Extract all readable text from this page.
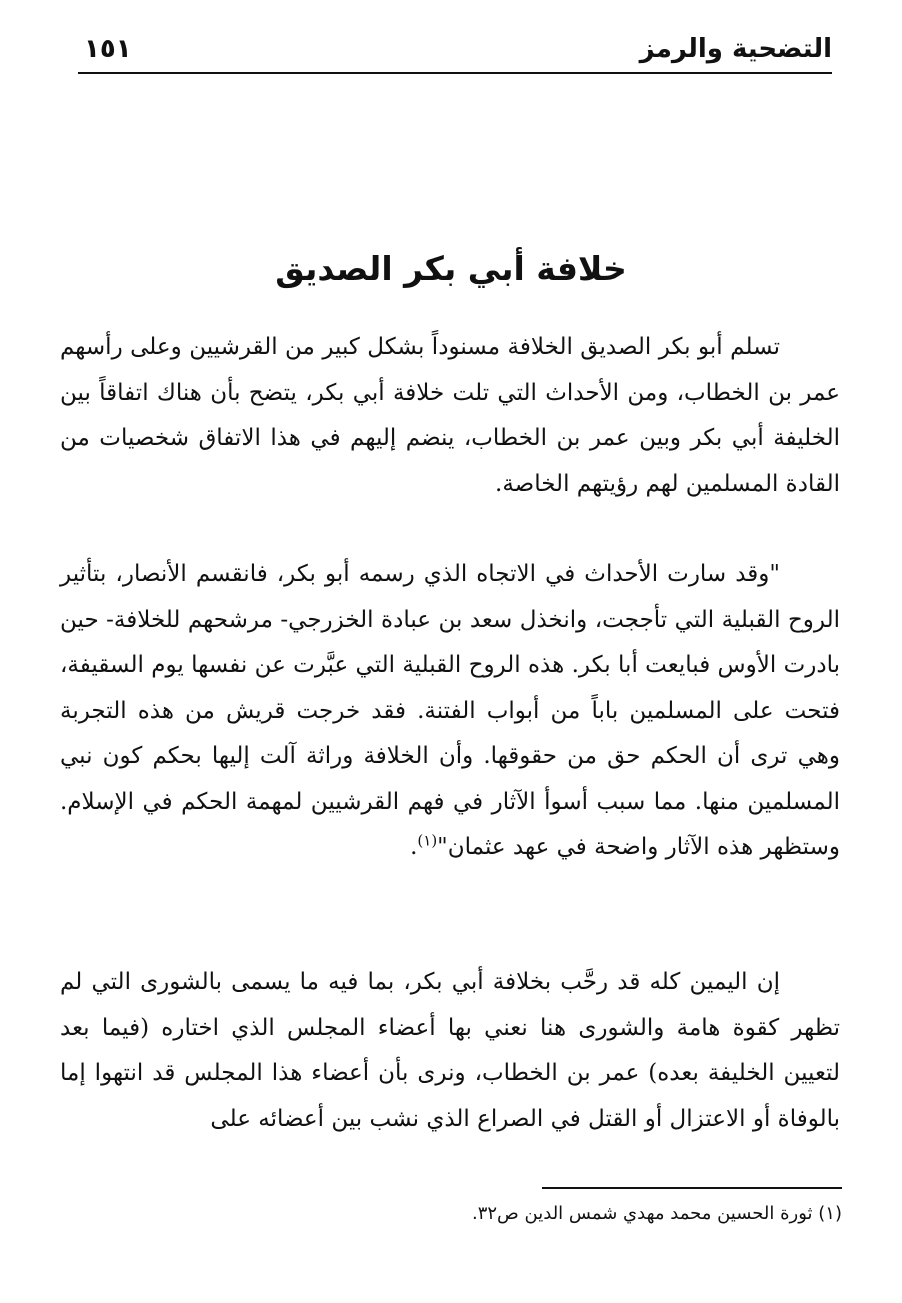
التضحية والرمز
١٥١
خلافة أبي بكر الصديق

تسلم أبو بكر الصديق الخلافة مسنوداً بشكل كبير من القرشيين وعلى رأسهم عمر بن الخطاب، ومن الأحداث التي تلت خلافة أبي بكر، يتضح بأن هناك اتفاقاً بين الخليفة أبي بكر وبين عمر بن الخطاب، ينضم إليهم في هذا الاتفاق شخصيات من القادة المسلمين لهم رؤيتهم الخاصة.

"وقد سارت الأحداث في الاتجاه الذي رسمه أبو بكر، فانقسم الأنصار، بتأثير الروح القبلية التي تأججت، وانخذل سعد بن عبادة الخزرجي- مرشحهم للخلافة- حين بادرت الأوس فبايعت أبا بكر. هذه الروح القبلية التي عبَّرت عن نفسها يوم السقيفة، فتحت على المسلمين باباً من أبواب الفتنة. فقد خرجت قريش من هذه التجربة وهي ترى أن الحكم حق من حقوقها. وأن الخلافة وراثة آلت إليها بحكم كون نبي المسلمين منها. مما سبب أسوأ الآثار في فهم القرشيين لمهمة الحكم في الإسلام. وستظهر هذه الآثار واضحة في عهد عثمان"$^{(١)}$.

إن اليمين كله قد رحَّب بخلافة أبي بكر، بما فيه ما يسمى بالشورى التي لم تظهر كقوة هامة والشورى هنا نعني بها أعضاء المجلس الذي اختاره (فيما بعد لتعيين الخليفة بعده) عمر بن الخطاب، ونرى بأن أعضاء هذا المجلس قد انتهوا إما بالوفاة أو الاعتزال أو القتل في الصراع الذي نشب بين أعضائه على

(١) ثورة الحسين محمد مهدي شمس الدين ص٣٢.
